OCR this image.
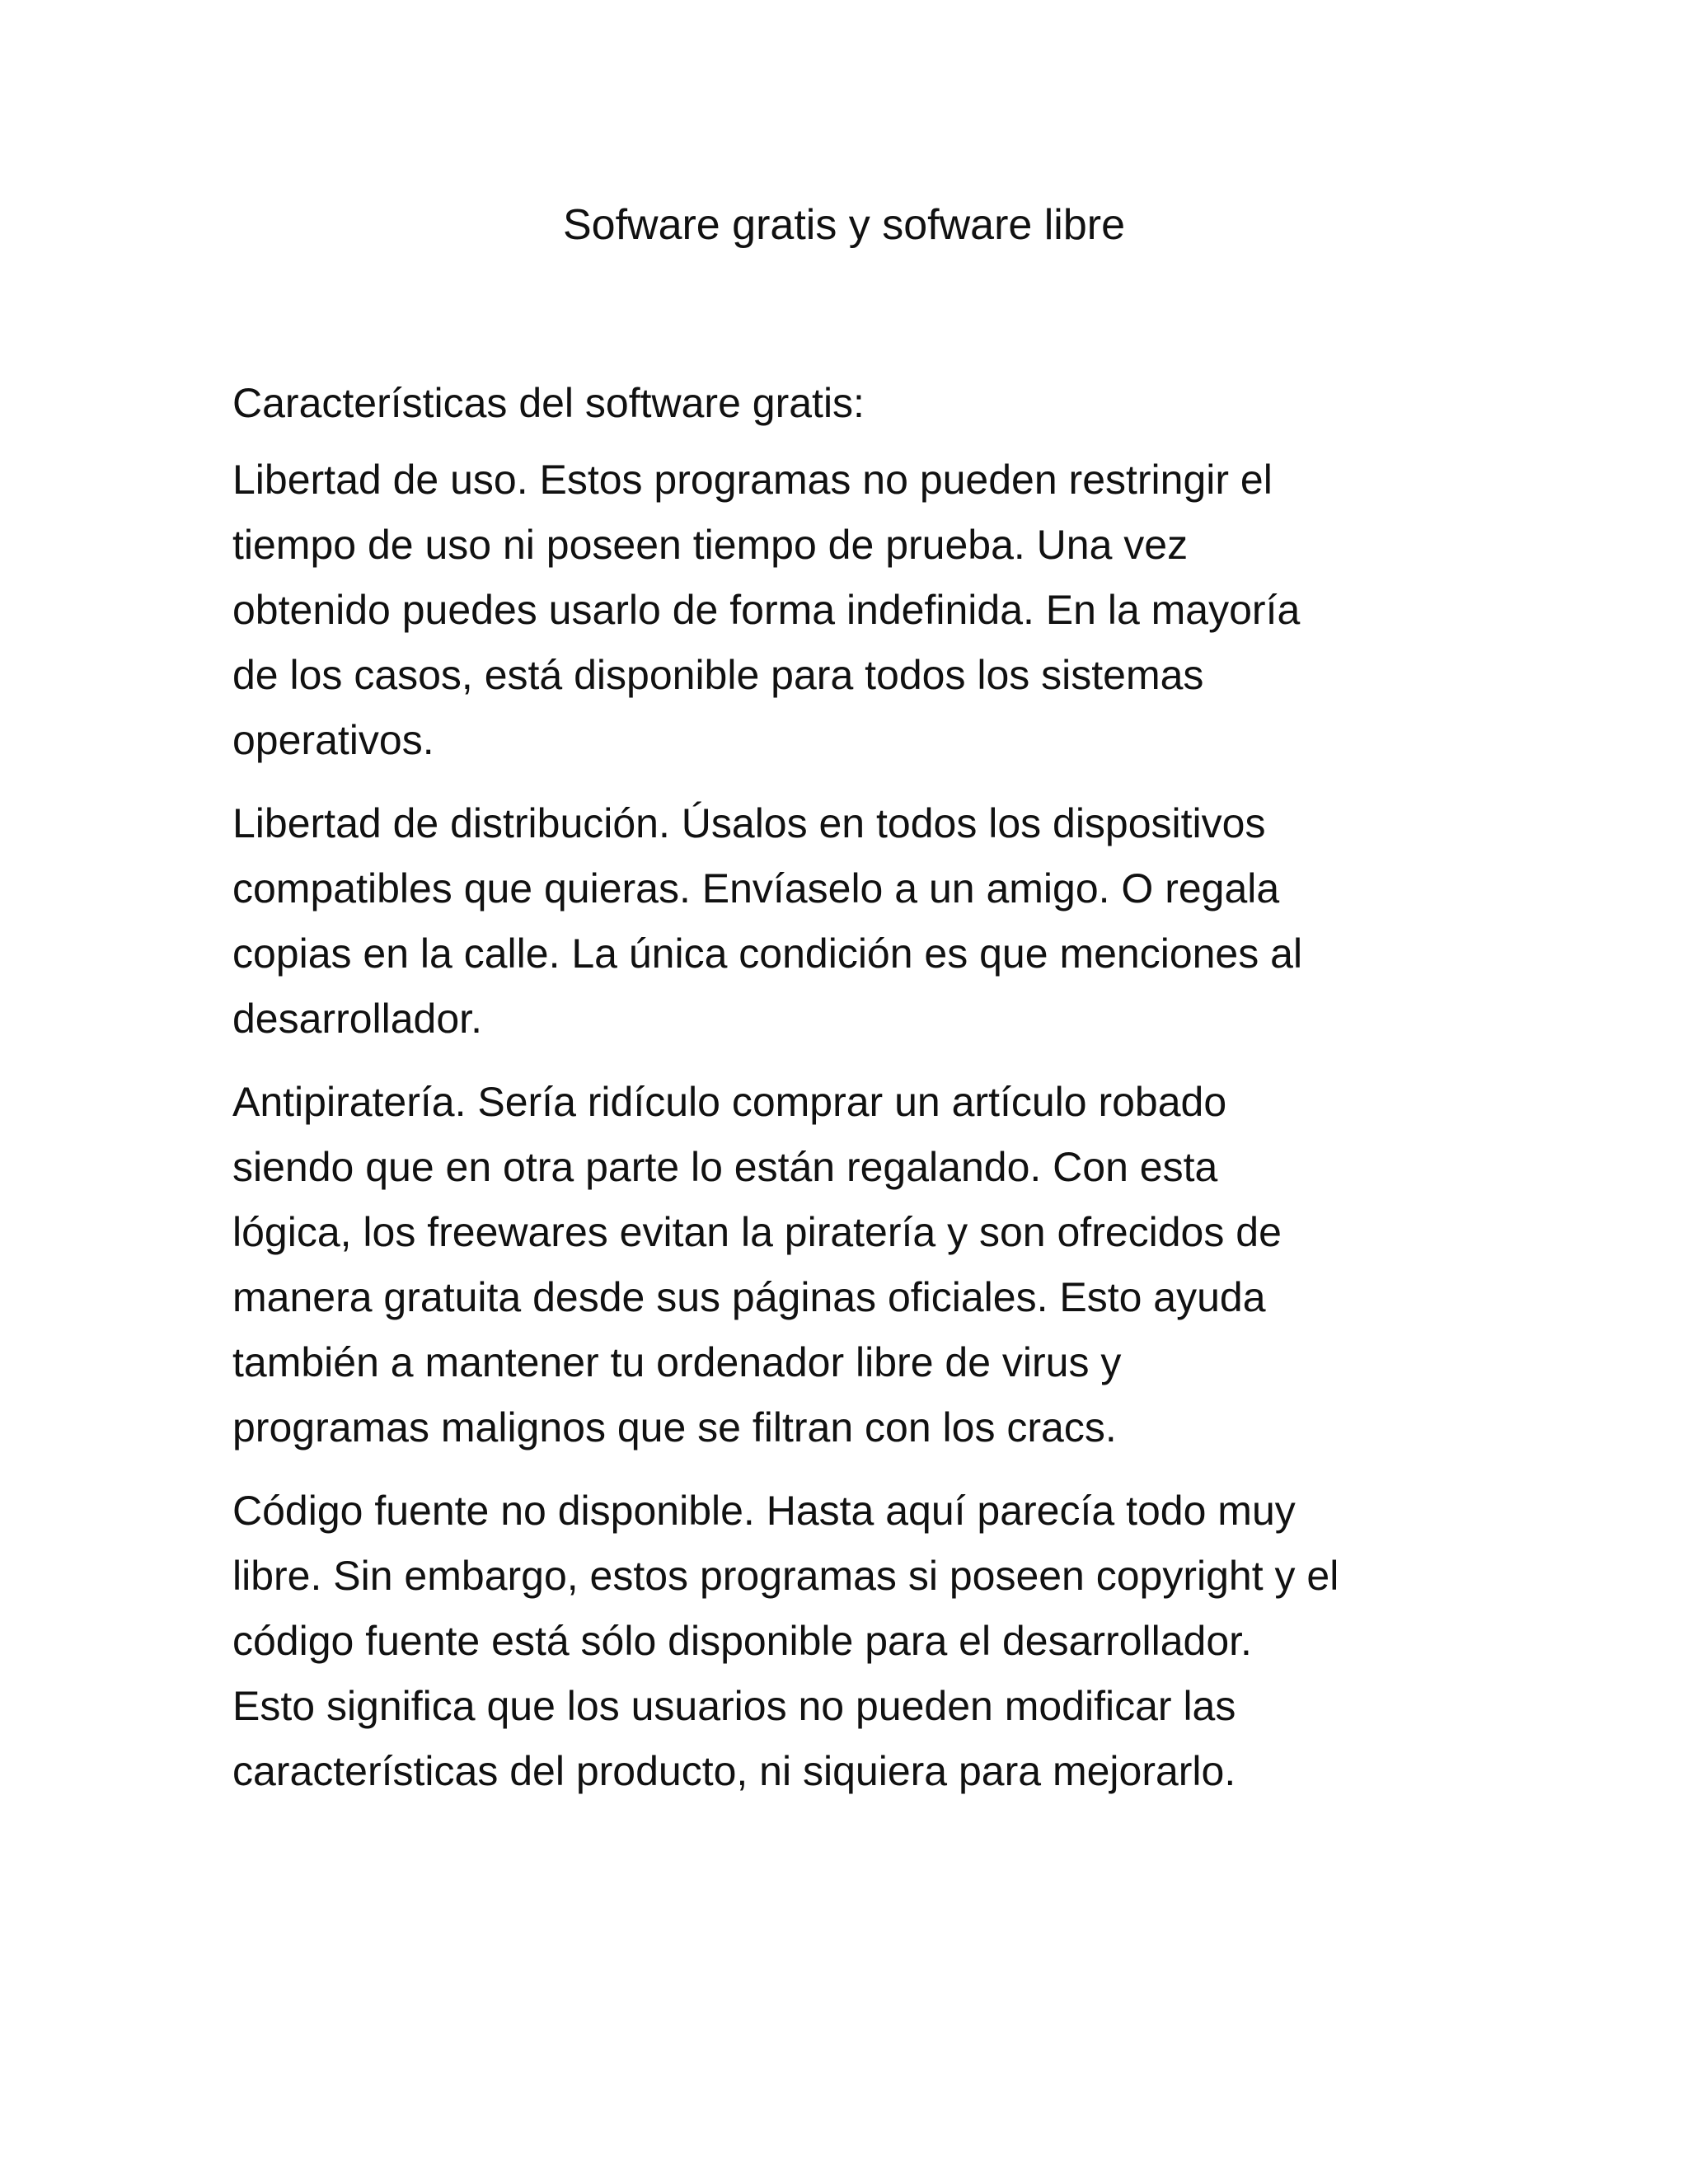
Sofware gratis y sofware libre

Características del software gratis:

Libertad de uso. Estos programas no pueden restringir el
tiempo de uso ni poseen tiempo de prueba. Una vez
obtenido puedes usarlo de forma indefinida. En la mayoría
de los casos, está disponible para todos los sistemas
operativos.

Libertad de distribución. Úsalos en todos los dispositivos
compatibles que quieras. Envíaselo a un amigo. O regala
copias en la calle. La única condición es que menciones al
desarrollador.

Antipiratería. Sería ridículo comprar un artículo robado
siendo que en otra parte lo están regalando. Con esta
lógica, los freewares evitan la piratería y son ofrecidos de
manera gratuita desde sus páginas oficiales. Esto ayuda
también a mantener tu ordenador libre de virus y
programas malignos que se filtran con los cracs.

Código fuente no disponible. Hasta aquí parecía todo muy
libre. Sin embargo, estos programas si poseen copyright y el
código fuente está sólo disponible para el desarrollador.
Esto significa que los usuarios no pueden modificar las
características del producto, ni siquiera para mejorarlo.
